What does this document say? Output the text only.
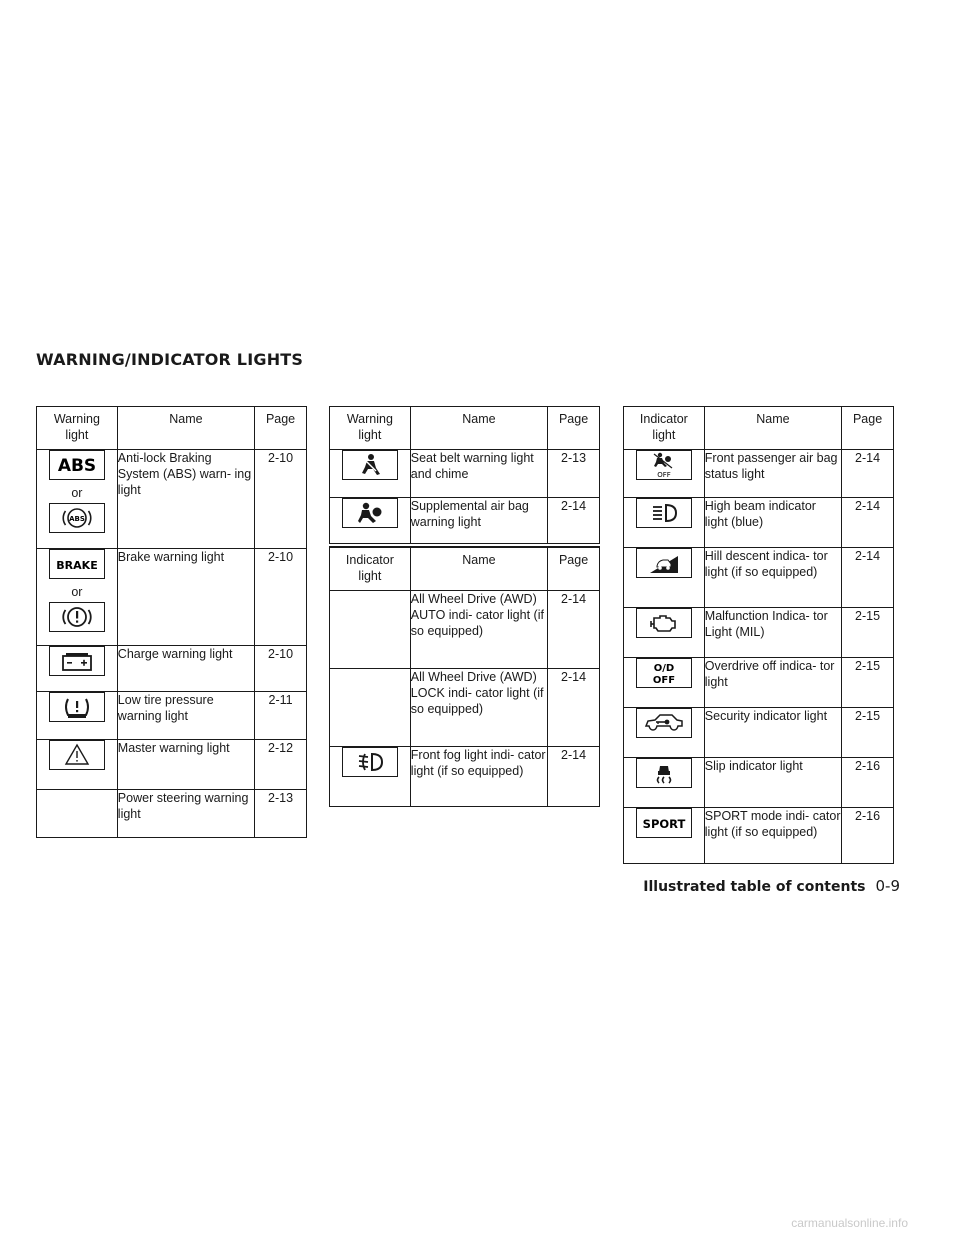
WARNING/INDICATOR LIGHTS
Warning light	Name	Page

ABS
or
ABS	Anti-lock Braking System (ABS) warn- ing light	2-10

BRAKE
or	Brake warning light	2-10

	Charge warning light	2-10

	Low tire pressure warning light	2-11

	Master warning light	2-12
	Power steering warning light	2-13
Warning light	Name	Page

	Seat belt warning light and chime	2-13

	Supplemental air bag warning light	2-14
Indicator light	Name	Page
	All Wheel Drive (AWD) AUTO indi- cator light (if so equipped)	2-14
	All Wheel Drive (AWD) LOCK indi- cator light (if so equipped)	2-14

	Front fog light indi- cator light (if so equipped)	2-14
Indicator light	Name	Page

OFF	Front passenger air bag status light	2-14

	High beam indicator light (blue)	2-14

	Hill descent indica- tor light (if so equipped)	2-14

	Malfunction Indica- tor Light (MIL)	2-15

O/D
OFF	Overdrive off indica- tor light	2-15

	Security indicator light	2-15

	Slip indicator light	2-16

SPORT	SPORT mode indi- cator light (if so equipped)	2-16
Illustrated table of contents 0-9
carmanualsonline.info
